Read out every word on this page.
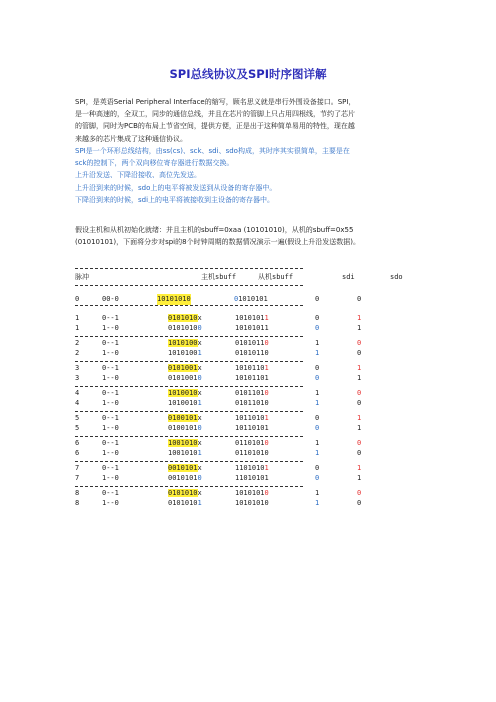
SPI总线协议及SPI时序图详解

SPI，是英语Serial Peripheral Interface的缩写，顾名思义就是串行外围设备接口。SPI，

是一种高速的，全双工，同步的通信总线，并且在芯片的管脚上只占用四根线，节约了芯片

的管脚，同时为PCB的布局上节省空间，提供方便，正是出于这种简单易用的特性，现在越

来越多的芯片集成了这种通信协议。

SPI是一个环形总线结构，由ss(cs)、sck、sdi、sdo构成，其时序其实很简单，主要是在

sck的控制下，两个双向移位寄存器进行数据交换。

上升沿发送、下降沿接收、高位先发送。

上升沿到来的时候，sdo上的电平将被发送到从设备的寄存器中。

下降沿到来的时候，sdi上的电平将被接收到主设备的寄存器中。

假设主机和从机初始化就绪：并且主机的sbuff=0xaa (10101010)，从机的sbuff=0x55

(01010101)，下面将分步对spi的8个时钟周期的数据情况演示一遍(假设上升沿发送数据)。

脉冲	主机sbuff	从机sbuff	sdi	sdo
0	00-0	10101010	01010101	0	0
1	0--1	0101010x	10101011	0	1
1	1--0	01010100	10101011	0	1
2	0--1	1010100x	01010110	1	0
2	1--0	10101001	01010110	1	0
3	0--1	0101001x	10101101	0	1
3	1--0	01010010	10101101	0	1
4	0--1	1010010x	01011010	1	0
4	1--0	10100101	01011010	1	0
5	0--1	0100101x	10110101	0	1
5	1--0	01001010	10110101	0	1
6	0--1	1001010x	01101010	1	0
6	1--0	10010101	01101010	1	0
7	0--1	0010101x	11010101	0	1
7	1--0	00101010	11010101	0	1
8	0--1	0101010x	10101010	1	0
8	1--0	01010101	10101010	1	0
